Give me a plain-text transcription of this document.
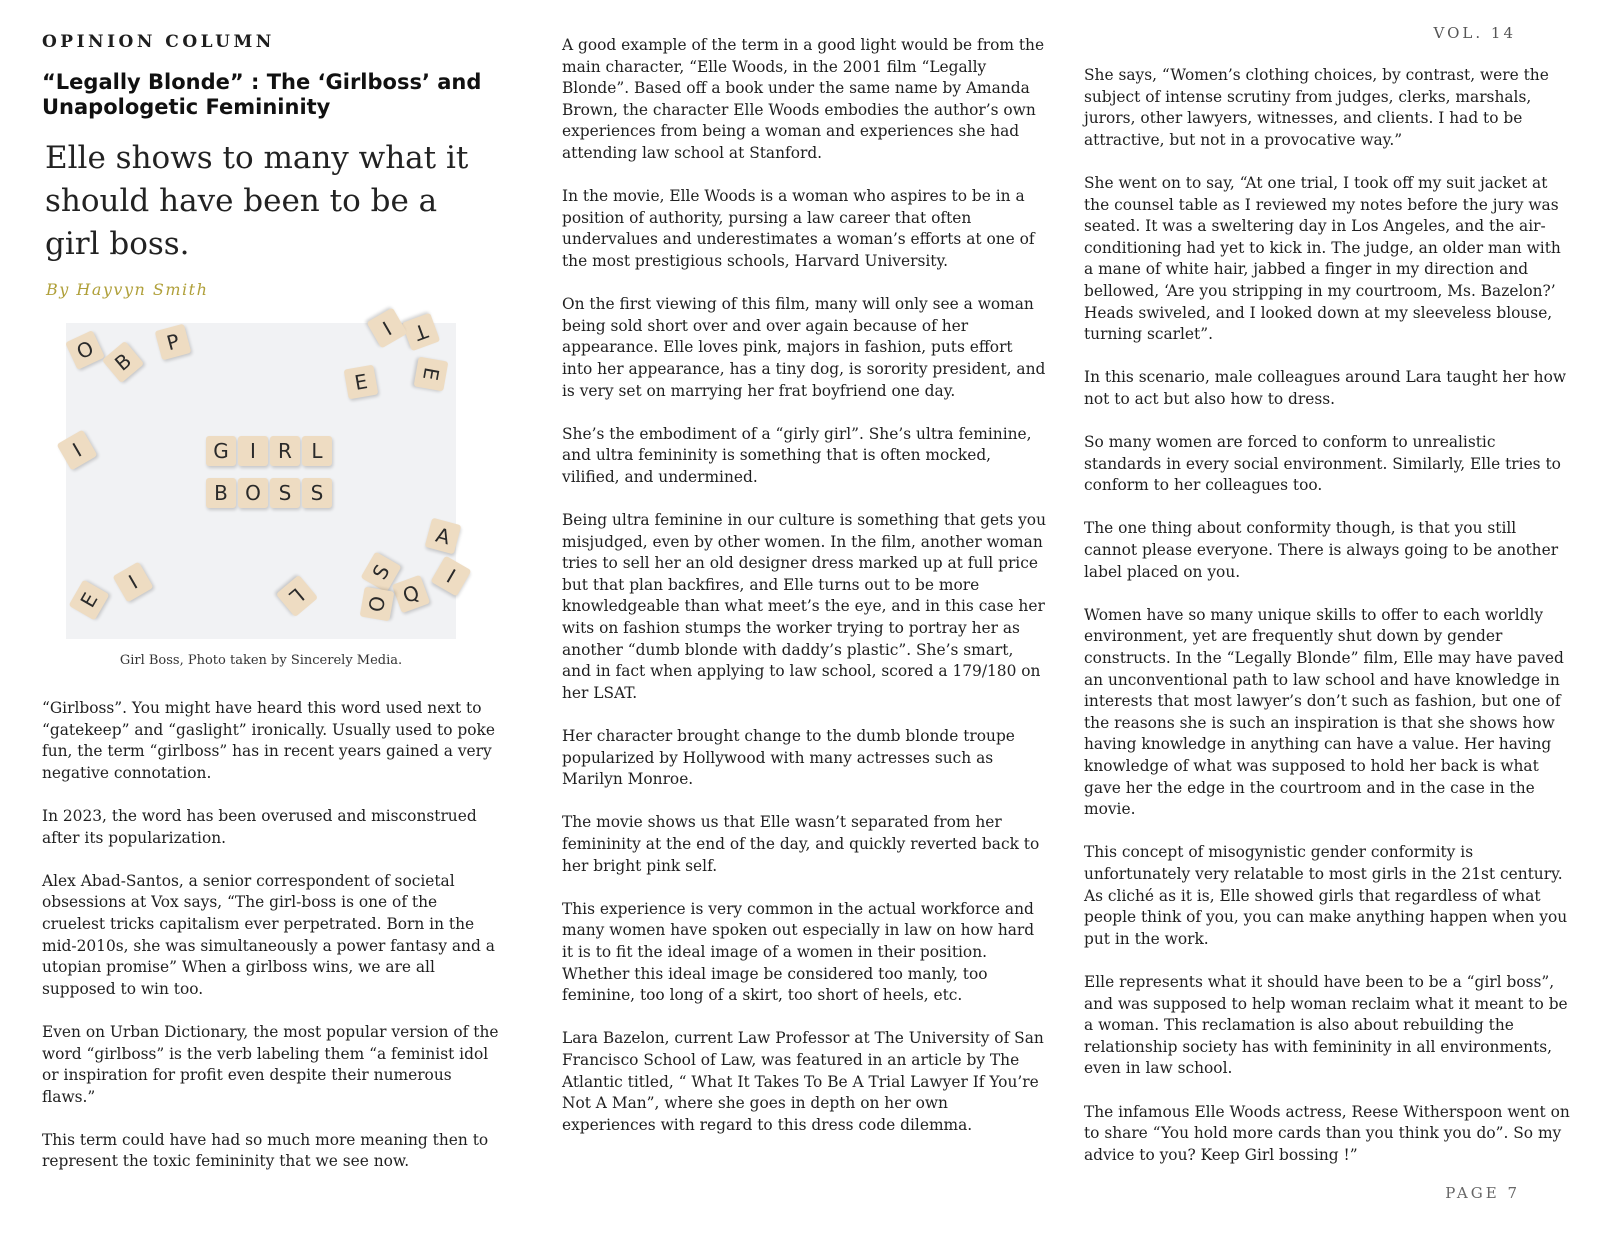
OPINION COLUMN	VOL. 14
“Legally Blonde” : The ‘Girlboss’ and Unapologetic Femininity
Elle shows to many what it should have been to be a girl boss.
By Hayvyn Smith
G	I	R L
B O S S
O B
P	T
I
E	E
I
A
S
Q
O
I
E	L
I
Girl Boss, Photo taken by Sincerely Media.

“Girlboss”. You might have heard this word used next to “gatekeep” and “gaslight” ironically. Usually used to poke fun, the term “girlboss” has in recent years gained a very negative connotation.

In 2023, the word has been overused and misconstrued after its popularization.

Alex Abad-Santos, a senior correspondent of societal obsessions at Vox says, “The girl-boss is one of the cruelest tricks capitalism ever perpetrated. Born in the mid-2010s, she was simultaneously a power fantasy and a utopian promise” When a girlboss wins, we are all supposed to win too.

Even on Urban Dictionary, the most popular version of the word “girlboss” is the verb labeling them “a feminist idol or inspiration for profit even despite their numerous flaws.”

This term could have had so much more meaning then to represent the toxic femininity that we see now.

A good example of the term in a good light would be from the main character, “Elle Woods, in the 2001 film “Legally Blonde”. Based off a book under the same name by Amanda Brown, the character Elle Woods embodies the author’s own experiences from being a woman and experiences she had attending law school at Stanford.

In the movie, Elle Woods is a woman who aspires to be in a position of authority, pursing a law career that often undervalues and underestimates a woman’s efforts at one of the most prestigious schools, Harvard University.

On the first viewing of this film, many will only see a woman being sold short over and over again because of her appearance. Elle loves pink, majors in fashion, puts effort into her appearance, has a tiny dog, is sorority president, and is very set on marrying her frat boyfriend one day.

She’s the embodiment of a “girly girl”. She’s ultra feminine, and ultra femininity is something that is often mocked, vilified, and undermined.

Being ultra feminine in our culture is something that gets you misjudged, even by other women. In the film, another woman tries to sell her an old designer dress marked up at full price but that plan backfires, and Elle turns out to be more knowledgeable than what meet’s the eye, and in this case her wits on fashion stumps the worker trying to portray her as another “dumb blonde with daddy’s plastic”. She’s smart, and in fact when applying to law school, scored a 179/180 on her LSAT.

Her character brought change to the dumb blonde troupe popularized by Hollywood with many actresses such as Marilyn Monroe.

The movie shows us that Elle wasn’t separated from her femininity at the end of the day, and quickly reverted back to her bright pink self.

This experience is very common in the actual workforce and many women have spoken out especially in law on how hard it is to fit the ideal image of a women in their position. Whether this ideal image be considered too manly, too feminine, too long of a skirt, too short of heels, etc.

Lara Bazelon, current Law Professor at The University of San Francisco School of Law, was featured in an article by The Atlantic titled, “ What It Takes To Be A Trial Lawyer If You’re Not A Man”, where she goes in depth on her own experiences with regard to this dress code dilemma.

She says, “Women’s clothing choices, by contrast, were the subject of intense scrutiny from judges, clerks, marshals, jurors, other lawyers, witnesses, and clients. I had to be attractive, but not in a provocative way.”

She went on to say, “At one trial, I took off my suit jacket at the counsel table as I reviewed my notes before the jury was seated. It was a sweltering day in Los Angeles, and the air-conditioning had yet to kick in. The judge, an older man with a mane of white hair, jabbed a finger in my direction and bellowed, ‘Are you stripping in my courtroom, Ms. Bazelon?’ Heads swiveled, and I looked down at my sleeveless blouse, turning scarlet”.

In this scenario, male colleagues around Lara taught her how not to act but also how to dress.

So many women are forced to conform to unrealistic standards in every social environment. Similarly, Elle tries to conform to her colleagues too.

The one thing about conformity though, is that you still cannot please everyone. There is always going to be another label placed on you.

Women have so many unique skills to offer to each worldly environment, yet are frequently shut down by gender constructs. In the “Legally Blonde” film, Elle may have paved an unconventional path to law school and have knowledge in interests that most lawyer’s don’t such as fashion, but one of the reasons she is such an inspiration is that she shows how having knowledge in anything can have a value. Her having knowledge of what was supposed to hold her back is what gave her the edge in the courtroom and in the case in the movie.

This concept of misogynistic gender conformity is unfortunately very relatable to most girls in the 21st century. As cliché as it is, Elle showed girls that regardless of what people think of you, you can make anything happen when you put in the work.

Elle represents what it should have been to be a “girl boss”, and was supposed to help woman reclaim what it meant to be a woman. This reclamation is also about rebuilding the relationship society has with femininity in all environments, even in law school.

The infamous Elle Woods actress, Reese Witherspoon went on to share “You hold more cards than you think you do”. So my advice to you? Keep Girl bossing !”

PAGE 7
